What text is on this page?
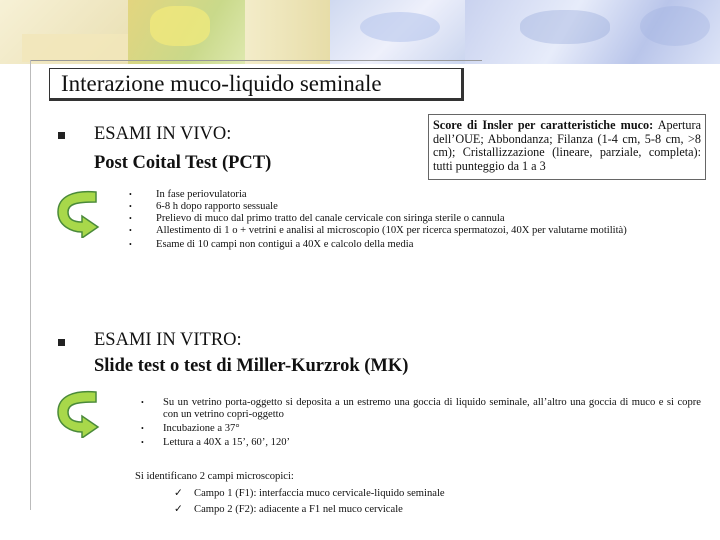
Interazione muco-liquido seminale
ESAMI IN VIVO:
Post Coital Test (PCT)
Score di Insler per caratteristiche muco: Apertura dell’OUE; Abbondanza; Filanza (1-4 cm, 5-8 cm, >8 cm); Cristallizzazione (lineare, parziale, completa): tutti punteggio da 1 a 3
• In fase periovulatoria
• 6-8 h dopo rapporto sessuale
• Prelievo di muco dal primo tratto del canale cervicale con siringa sterile o cannula
• Allestimento di 1 o + vetrini e analisi al microscopio (10X per ricerca spermatozoi, 40X per valutarne motilità)
• Esame di 10 campi non contigui a 40X e calcolo della media
ESAMI IN VITRO:
Slide test o test di Miller-Kurzrok (MK)
• Su un vetrino porta-oggetto si deposita a un estremo una goccia di liquido seminale, all’altro una goccia di muco e si copre con un vetrino copri-oggetto
• Incubazione a 37°
• Lettura a 40X a 15’, 60’, 120’
Si identificano 2 campi microscopici:
✓ Campo 1 (F1): interfaccia muco cervicale-liquido seminale
✓ Campo 2 (F2): adiacente a F1 nel muco cervicale
